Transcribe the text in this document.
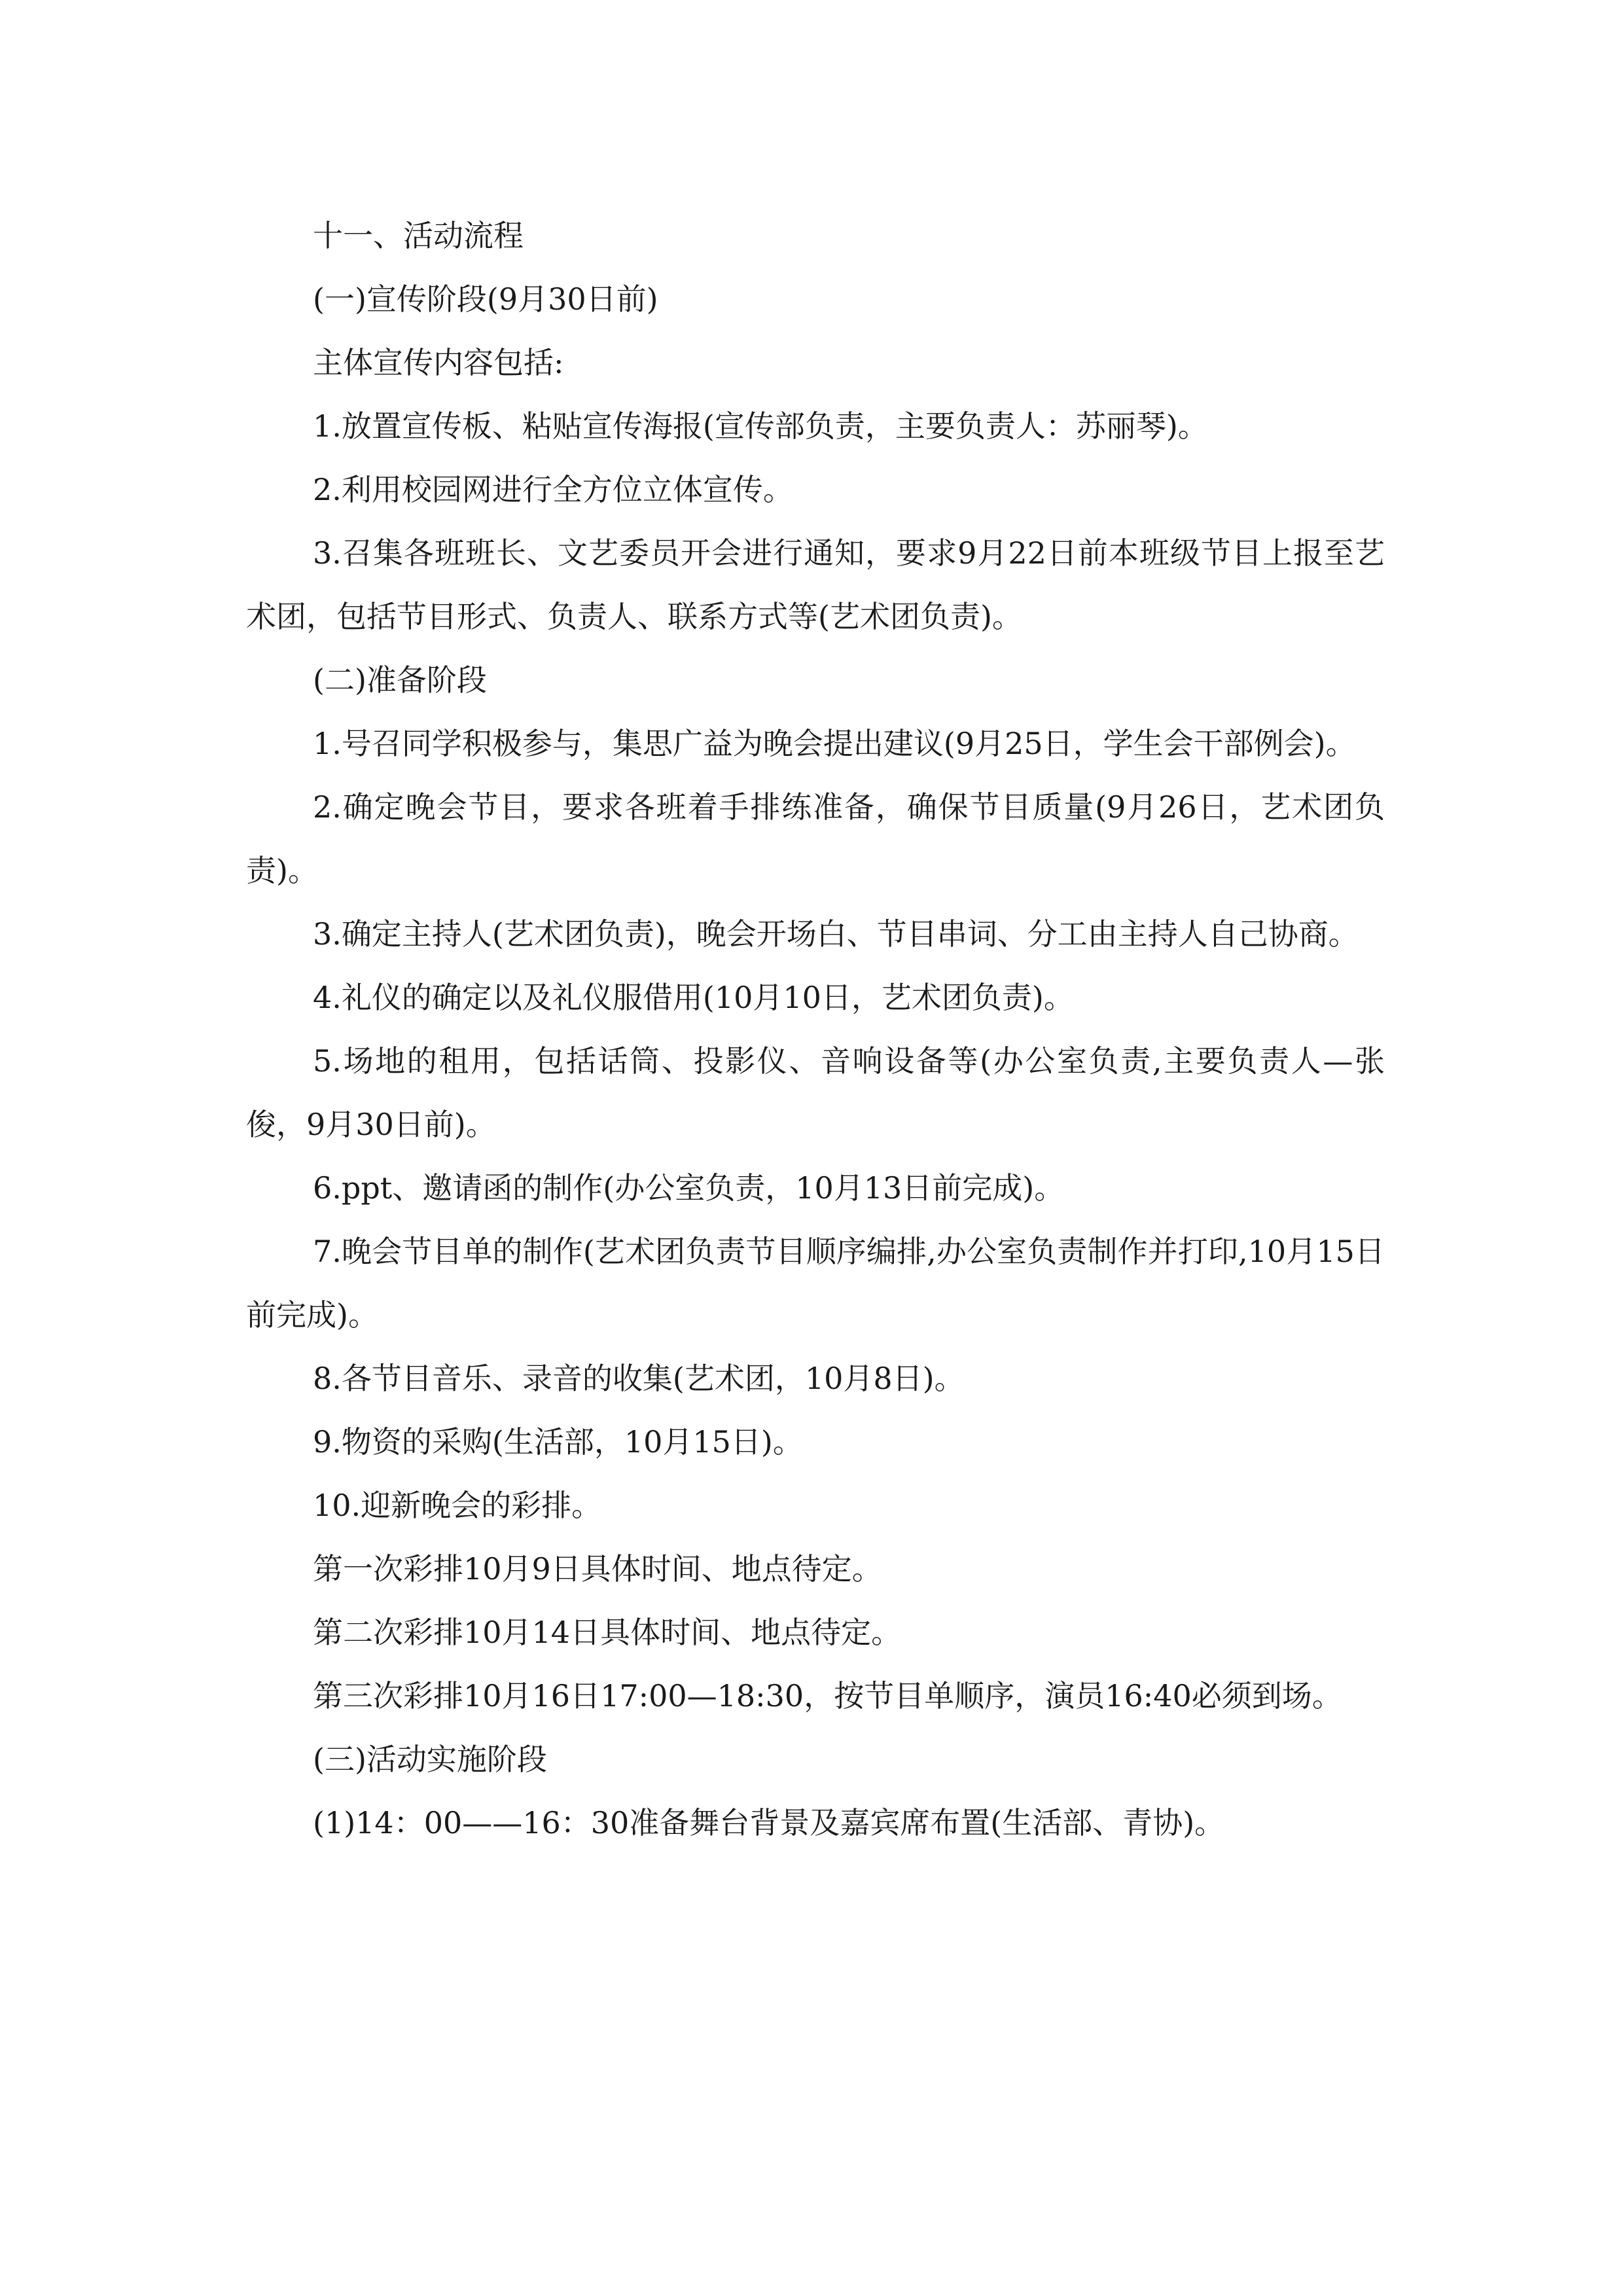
十一、活动流程

(一)宣传阶段(9月30日前)

主体宣传内容包括:

1.放置宣传板、粘贴宣传海报(宣传部负责，主要负责人：苏丽琴)。

2.利用校园网进行全方位立体宣传。

3.召集各班班长、文艺委员开会进行通知，要求9月22日前本班级节目上报至艺术团，包括节目形式、负责人、联系方式等(艺术团负责)。

(二)准备阶段

1.号召同学积极参与，集思广益为晚会提出建议(9月25日，学生会干部例会)。

2.确定晚会节目，要求各班着手排练准备，确保节目质量(9月26日，艺术团负责)。

3.确定主持人(艺术团负责)，晚会开场白、节目串词、分工由主持人自己协商。

4.礼仪的确定以及礼仪服借用(10月10日，艺术团负责)。

5.场地的租用，包括话筒、投影仪、音响设备等(办公室负责,主要负责人—张俊，9月30日前)。

6.ppt、邀请函的制作(办公室负责，10月13日前完成)。

7.晚会节目单的制作(艺术团负责节目顺序编排,办公室负责制作并打印,10月15日前完成)。

8.各节目音乐、录音的收集(艺术团，10月8日)。

9.物资的采购(生活部，10月15日)。

10.迎新晚会的彩排。

第一次彩排10月9日具体时间、地点待定。

第二次彩排10月14日具体时间、地点待定。

第三次彩排10月16日17:00—18:30，按节目单顺序，演员16:40必须到场。

(三)活动实施阶段

(1)14：00——16：30准备舞台背景及嘉宾席布置(生活部、青协)。
